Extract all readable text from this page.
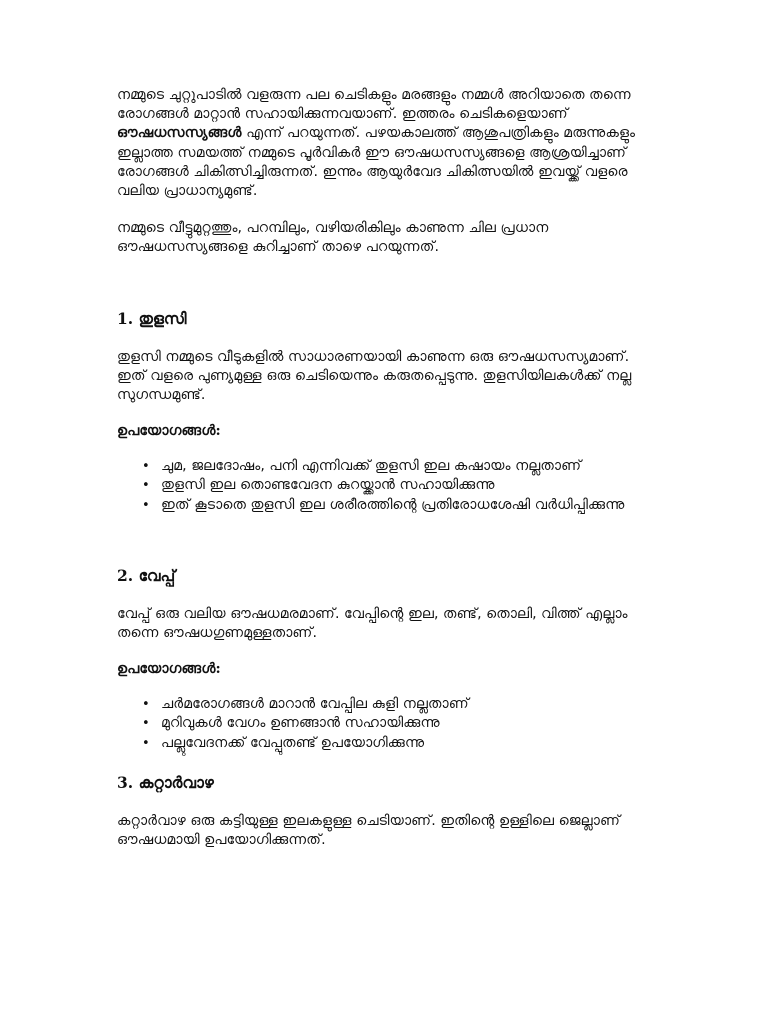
നമ്മുടെ ചുറ്റുപാടിൽ വളരുന്ന പല ചെടികളും മരങ്ങളും നമ്മൾ അറിയാതെ തന്നെ രോഗങ്ങൾ മാറ്റാൻ സഹായിക്കുന്നവയാണ്. ഇത്തരം ചെടികളെയാണ് ഔഷധസസ്യങ്ങൾ എന്ന് പറയുന്നത്. പഴയകാലത്ത് ആശുപത്രികളും മരുന്നുകളും ഇല്ലാത്ത സമയത്ത് നമ്മുടെ പൂർവികർ ഈ ഔഷധസസ്യങ്ങളെ ആശ്രയിച്ചാണ് രോഗങ്ങൾ ചികിത്സിച്ചിരുന്നത്. ഇന്നും ആയുർവേദ ചികിത്സയിൽ ഇവയ്ക്ക് വളരെ വലിയ പ്രാധാന്യമുണ്ട്.

നമ്മുടെ വീട്ടുമുറ്റത്തും, പറമ്പിലും, വഴിയരികിലും കാണുന്ന ചില പ്രധാന ഔഷധസസ്യങ്ങളെ കുറിച്ചാണ് താഴെ പറയുന്നത്.

1. തുളസി

തുളസി നമ്മുടെ വീടുകളിൽ സാധാരണയായി കാണുന്ന ഒരു ഔഷധസസ്യമാണ്. ഇത് വളരെ പുണ്യമുള്ള ഒരു ചെടിയെന്നും കരുതപ്പെടുന്നു. തുളസിയിലകൾക്ക് നല്ല സുഗന്ധമുണ്ട്.

ഉപയോഗങ്ങൾ:
• ചുമ, ജലദോഷം, പനി എന്നിവക്ക് തുളസി ഇല കഷായം നല്ലതാണ്
• തുളസി ഇല തൊണ്ടവേദന കുറയ്ക്കാൻ സഹായിക്കുന്നു
• ഇത് കൂടാതെ തുളസി ഇല ശരീരത്തിന്റെ പ്രതിരോധശേഷി വർധിപ്പിക്കുന്നു
2. വേപ്പ്

വേപ്പ് ഒരു വലിയ ഔഷധമരമാണ്. വേപ്പിന്റെ ഇല, തണ്ട്, തൊലി, വിത്ത് എല്ലാം തന്നെ ഔഷധഗുണമുള്ളതാണ്.

ഉപയോഗങ്ങൾ:
• ചർമരോഗങ്ങൾ മാറാൻ വേപ്പില കുളി നല്ലതാണ്
• മുറിവുകൾ വേഗം ഉണങ്ങാൻ സഹായിക്കുന്നു
• പല്ലുവേദനക്ക് വേപ്പുതണ്ട് ഉപയോഗിക്കുന്നു
3. കറ്റാർവാഴ

കറ്റാർവാഴ ഒരു കട്ടിയുള്ള ഇലകളുള്ള ചെടിയാണ്. ഇതിന്റെ ഉള്ളിലെ ജെല്ലാണ് ഔഷധമായി ഉപയോഗിക്കുന്നത്.
